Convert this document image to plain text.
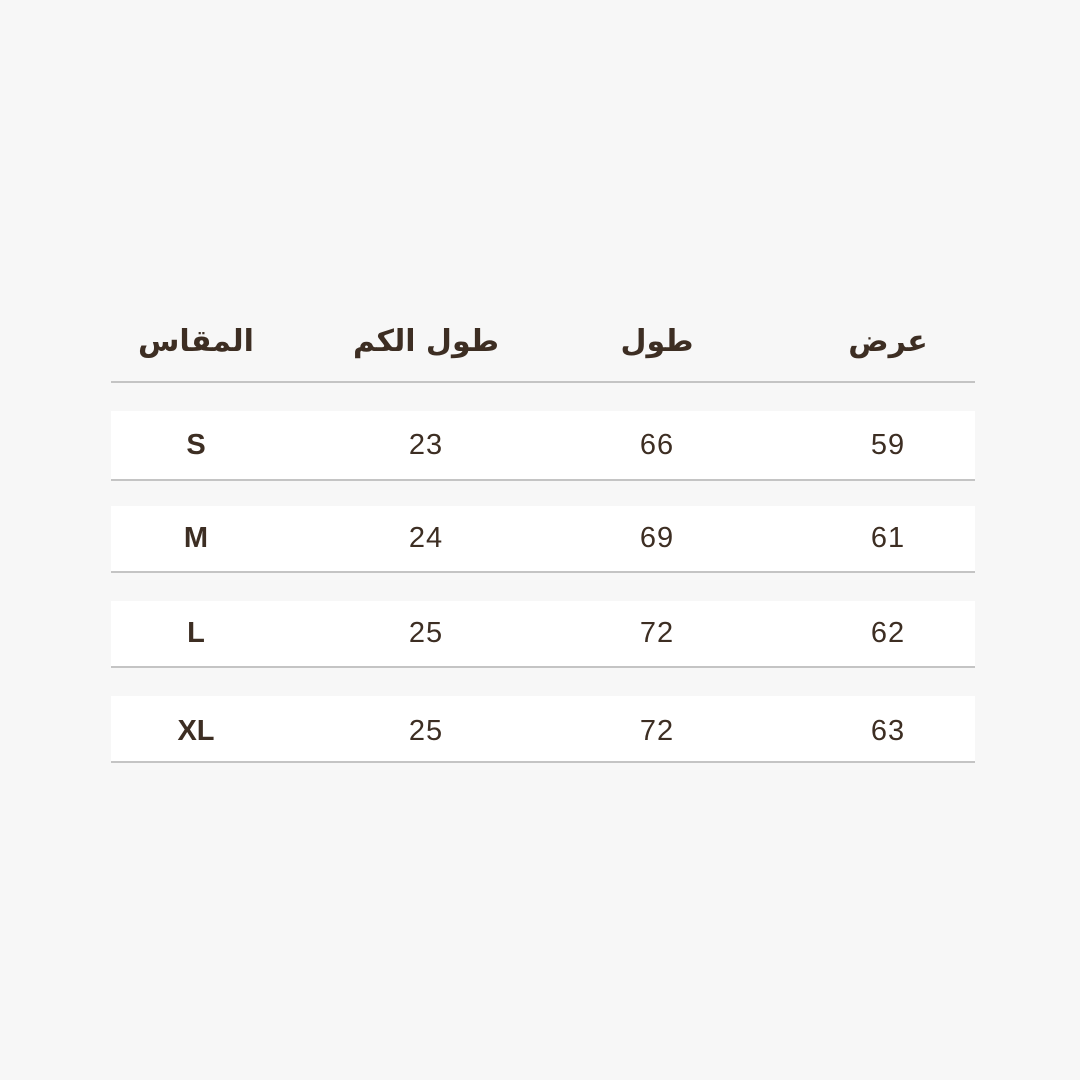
المقاس	طول الكم	طول	عرض
S	23	66	59
M	24	69	61
L	25	72	62
XL	25	72	63
